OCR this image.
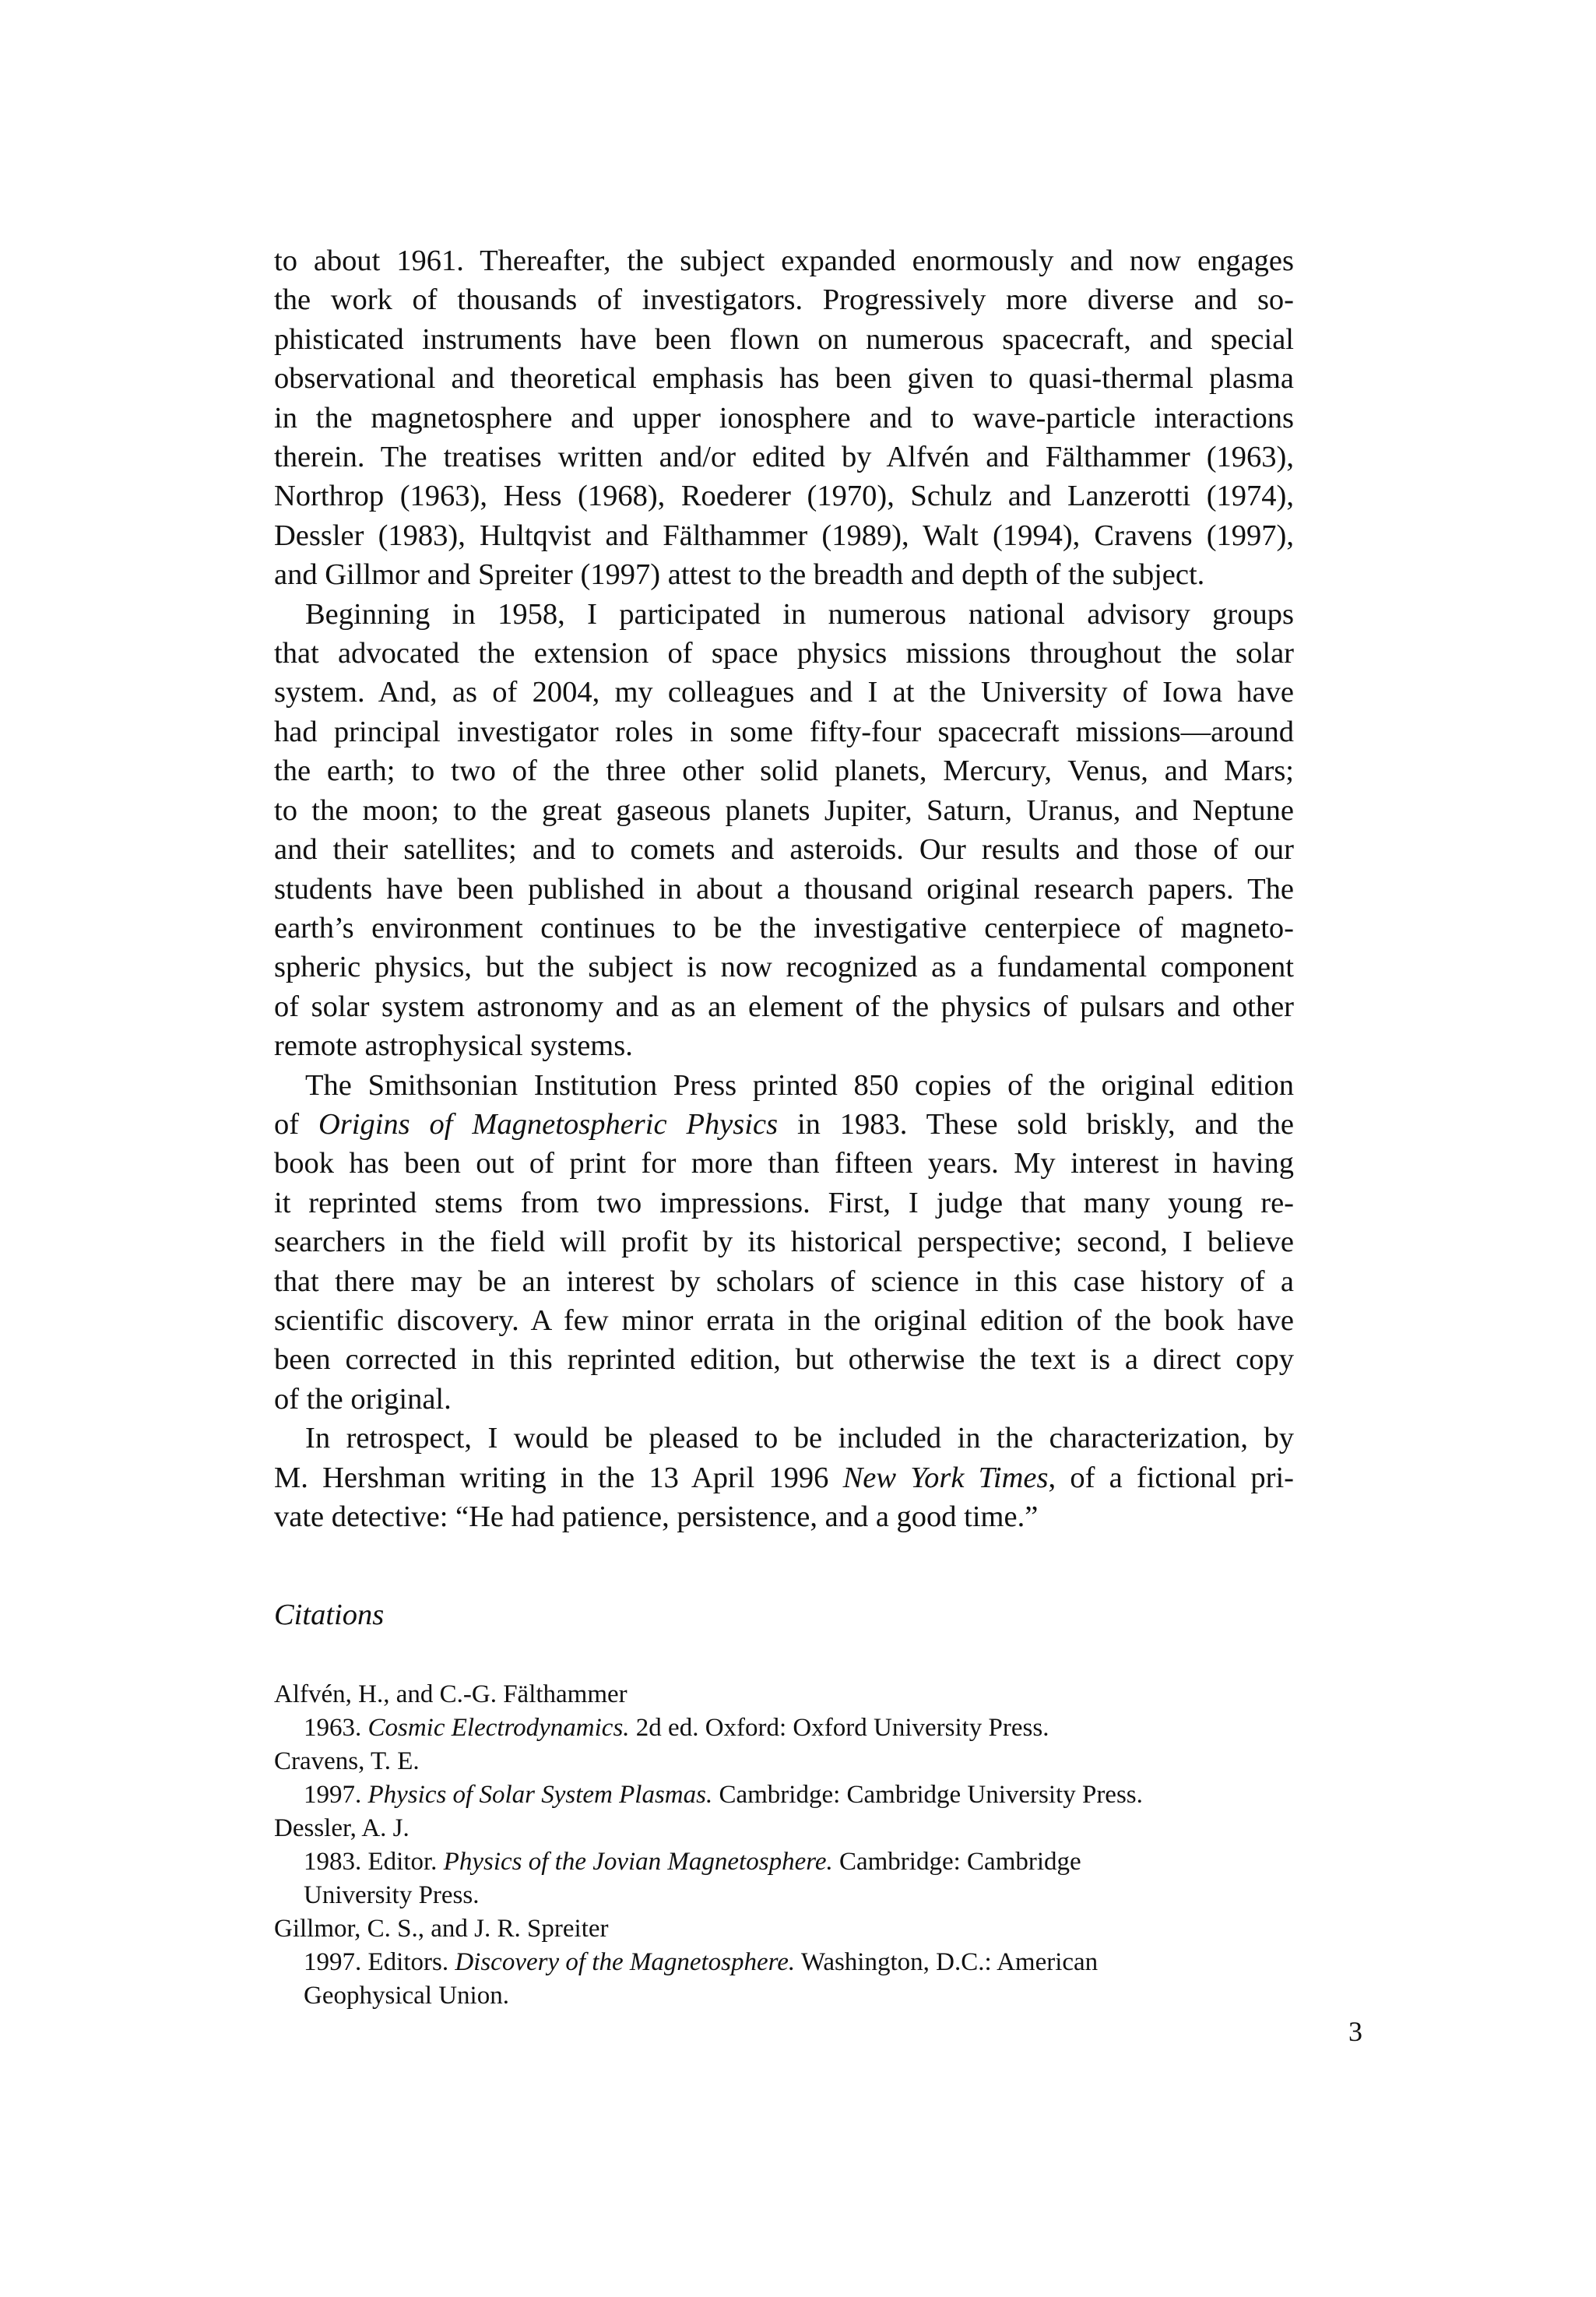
to about 1961. Thereafter, the subject expanded enormously and now engages
the work of thousands of investigators. Progressively more diverse and so-
phisticated instruments have been flown on numerous spacecraft, and special
observational and theoretical emphasis has been given to quasi-thermal plasma
in the magnetosphere and upper ionosphere and to wave-particle interactions
therein. The treatises written and/or edited by Alfvén and Fälthammer (1963),
Northrop (1963), Hess (1968), Roederer (1970), Schulz and Lanzerotti (1974),
Dessler (1983), Hultqvist and Fälthammer (1989), Walt (1994), Cravens (1997),
and Gillmor and Spreiter (1997) attest to the breadth and depth of the subject.

Beginning in 1958, I participated in numerous national advisory groups
that advocated the extension of space physics missions throughout the solar
system. And, as of 2004, my colleagues and I at the University of Iowa have
had principal investigator roles in some fifty-four spacecraft missions—around
the earth; to two of the three other solid planets, Mercury, Venus, and Mars;
to the moon; to the great gaseous planets Jupiter, Saturn, Uranus, and Neptune
and their satellites; and to comets and asteroids. Our results and those of our
students have been published in about a thousand original research papers. The
earth’s environment continues to be the investigative centerpiece of magneto-
spheric physics, but the subject is now recognized as a fundamental component
of solar system astronomy and as an element of the physics of pulsars and other
remote astrophysical systems.

The Smithsonian Institution Press printed 850 copies of the original edition
of Origins of Magnetospheric Physics in 1983. These sold briskly, and the
book has been out of print for more than fifteen years. My interest in having
it reprinted stems from two impressions. First, I judge that many young re-
searchers in the field will profit by its historical perspective; second, I believe
that there may be an interest by scholars of science in this case history of a
scientific discovery. A few minor errata in the original edition of the book have
been corrected in this reprinted edition, but otherwise the text is a direct copy
of the original.

In retrospect, I would be pleased to be included in the characterization, by
M. Hershman writing in the 13 April 1996 New York Times, of a fictional pri-
vate detective: “He had patience, persistence, and a good time.”

Citations

Alfvén, H., and C.-G. Fälthammer

1963. Cosmic Electrodynamics. 2d ed. Oxford: Oxford University Press.

Cravens, T. E.

1997. Physics of Solar System Plasmas. Cambridge: Cambridge University Press.

Dessler, A. J.

1983. Editor. Physics of the Jovian Magnetosphere. Cambridge: Cambridge
University Press.

Gillmor, C. S., and J. R. Spreiter

1997. Editors. Discovery of the Magnetosphere. Washington, D.C.: American
Geophysical Union.

3
